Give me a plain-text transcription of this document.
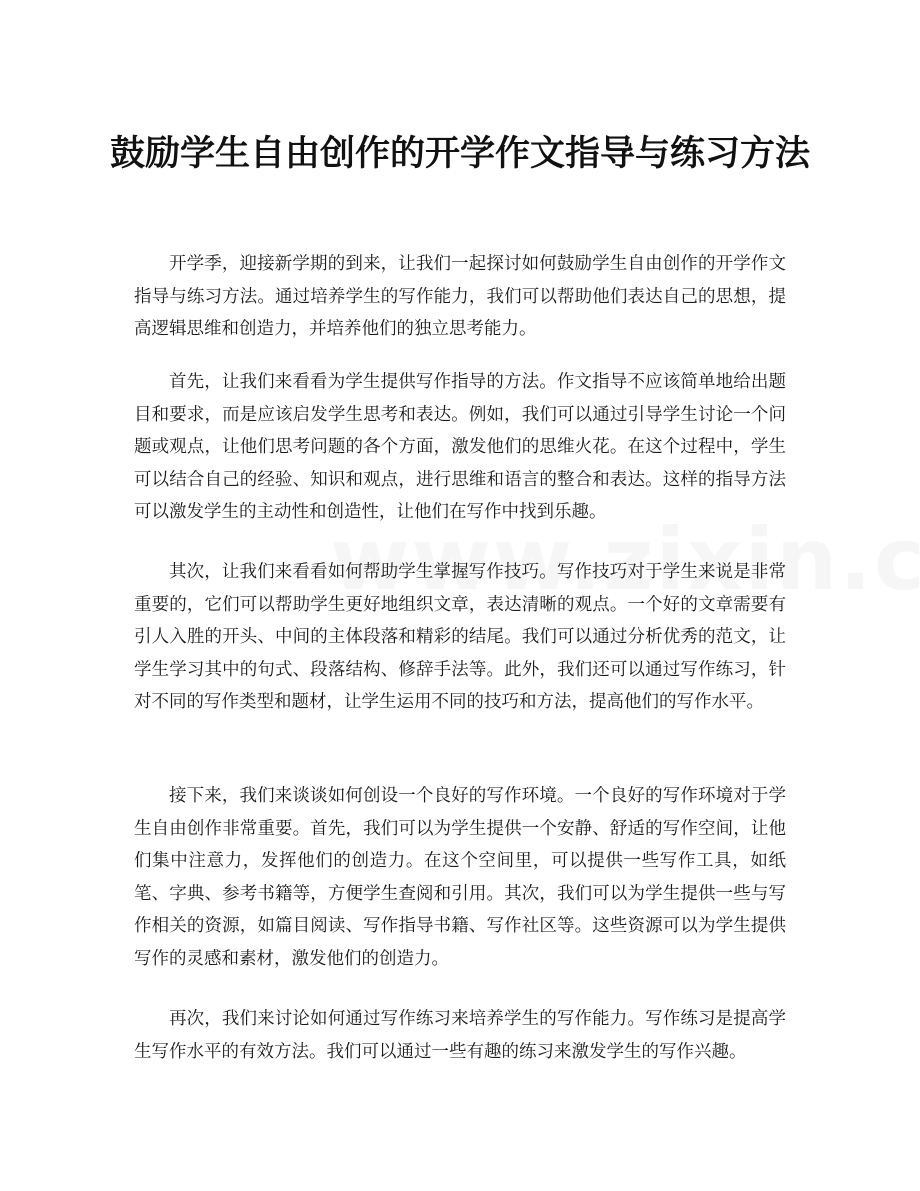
鼓励学生自由创作的开学作文指导与练习方法

开学季，迎接新学期的到来，让我们一起探讨如何鼓励学生自由创作的开学作文指导与练习方法。通过培养学生的写作能力，我们可以帮助他们表达自己的思想，提高逻辑思维和创造力，并培养他们的独立思考能力。

首先，让我们来看看为学生提供写作指导的方法。作文指导不应该简单地给出题目和要求，而是应该启发学生思考和表达。例如，我们可以通过引导学生讨论一个问题或观点，让他们思考问题的各个方面，激发他们的思维火花。在这个过程中，学生可以结合自己的经验、知识和观点，进行思维和语言的整合和表达。这样的指导方法可以激发学生的主动性和创造性，让他们在写作中找到乐趣。

其次，让我们来看看如何帮助学生掌握写作技巧。写作技巧对于学生来说是非常重要的，它们可以帮助学生更好地组织文章，表达清晰的观点。一个好的文章需要有引人入胜的开头、中间的主体段落和精彩的结尾。我们可以通过分析优秀的范文，让学生学习其中的句式、段落结构、修辞手法等。此外，我们还可以通过写作练习，针对不同的写作类型和题材，让学生运用不同的技巧和方法，提高他们的写作水平。

接下来，我们来谈谈如何创设一个良好的写作环境。一个良好的写作环境对于学生自由创作非常重要。首先，我们可以为学生提供一个安静、舒适的写作空间，让他们集中注意力，发挥他们的创造力。在这个空间里，可以提供一些写作工具，如纸笔、字典、参考书籍等，方便学生查阅和引用。其次，我们可以为学生提供一些与写作相关的资源，如篇目阅读、写作指导书籍、写作社区等。这些资源可以为学生提供写作的灵感和素材，激发他们的创造力。

再次，我们来讨论如何通过写作练习来培养学生的写作能力。写作练习是提高学生写作水平的有效方法。我们可以通过一些有趣的练习来激发学生的写作兴趣。
